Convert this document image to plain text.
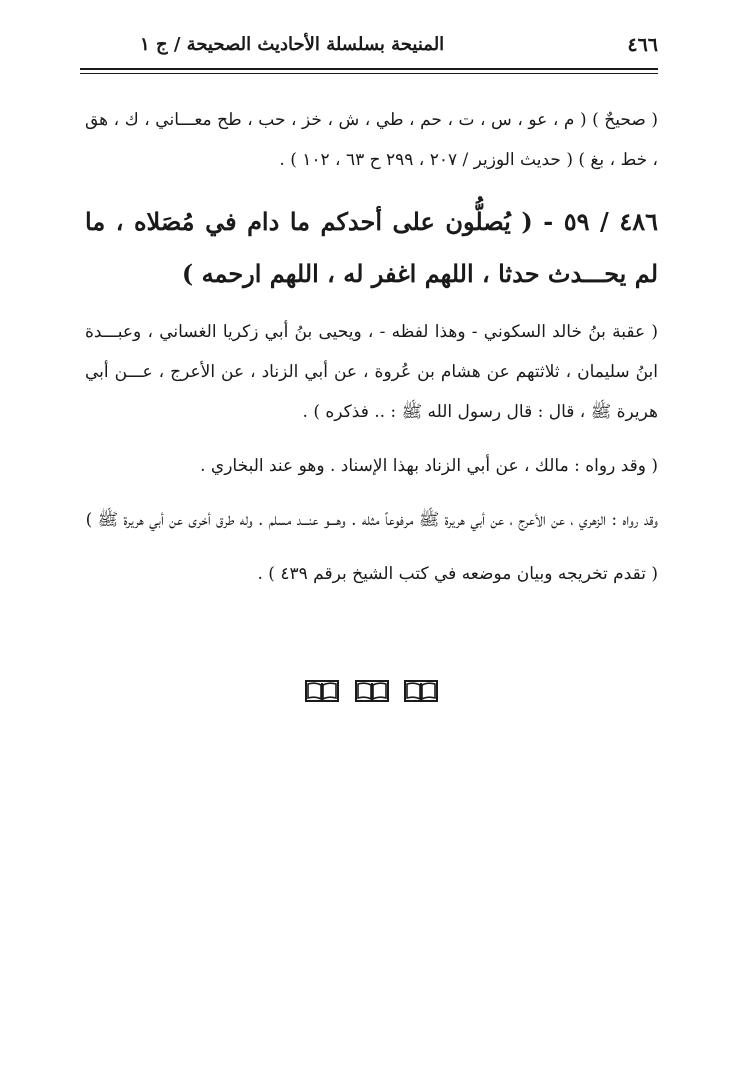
٤٦٦
المنيحة بسلسلة الأحاديث الصحيحة / ج ١

( صحيحٌ ) ( م ، عو ، س ، ت ، حم ، طي ، ش ، خز ، حب ، طح معـــاني ، ك ، هق ، خط ، بغ ) ( حديث الوزير / ٢٠٧ ، ٢٩٩ ح ٦٣ ، ١٠٢ ) .

٤٨٦ / ٥٩ - ( يُصلُّون على أحدكم ما دام في مُصَلاه ، ما لم يحـــدث حدثا ، اللهم اغفر له ، اللهم ارحمه )

( عقبة بنُ خالد السكوني - وهذا لفظه - ، ويحيى بنُ أبي زكريا الغساني ، وعبـــدة ابنُ سليمان ، ثلاثتهم عن هشام بن عُروة ، عن أبي الزناد ، عن الأعرج ، عـــن أبي هريرة ﷺ ، قال : قال رسول الله ﷺ : .. فذكره ) .

( وقد رواه : مالك ، عن أبي الزناد بهذا الإسناد . وهو عند البخاري .

وقد رواه : الزهري ، عن الأعرج ، عن أبي هريرة ﷺ مرفوعاً مثله . وهـــو عنـــد مسلم . وله طرق أخرى عن أبي هريرة ﷺ )

( تقدم تخريجه وبيان موضعه في كتب الشيخ برقم ٤٣٩ ) .
